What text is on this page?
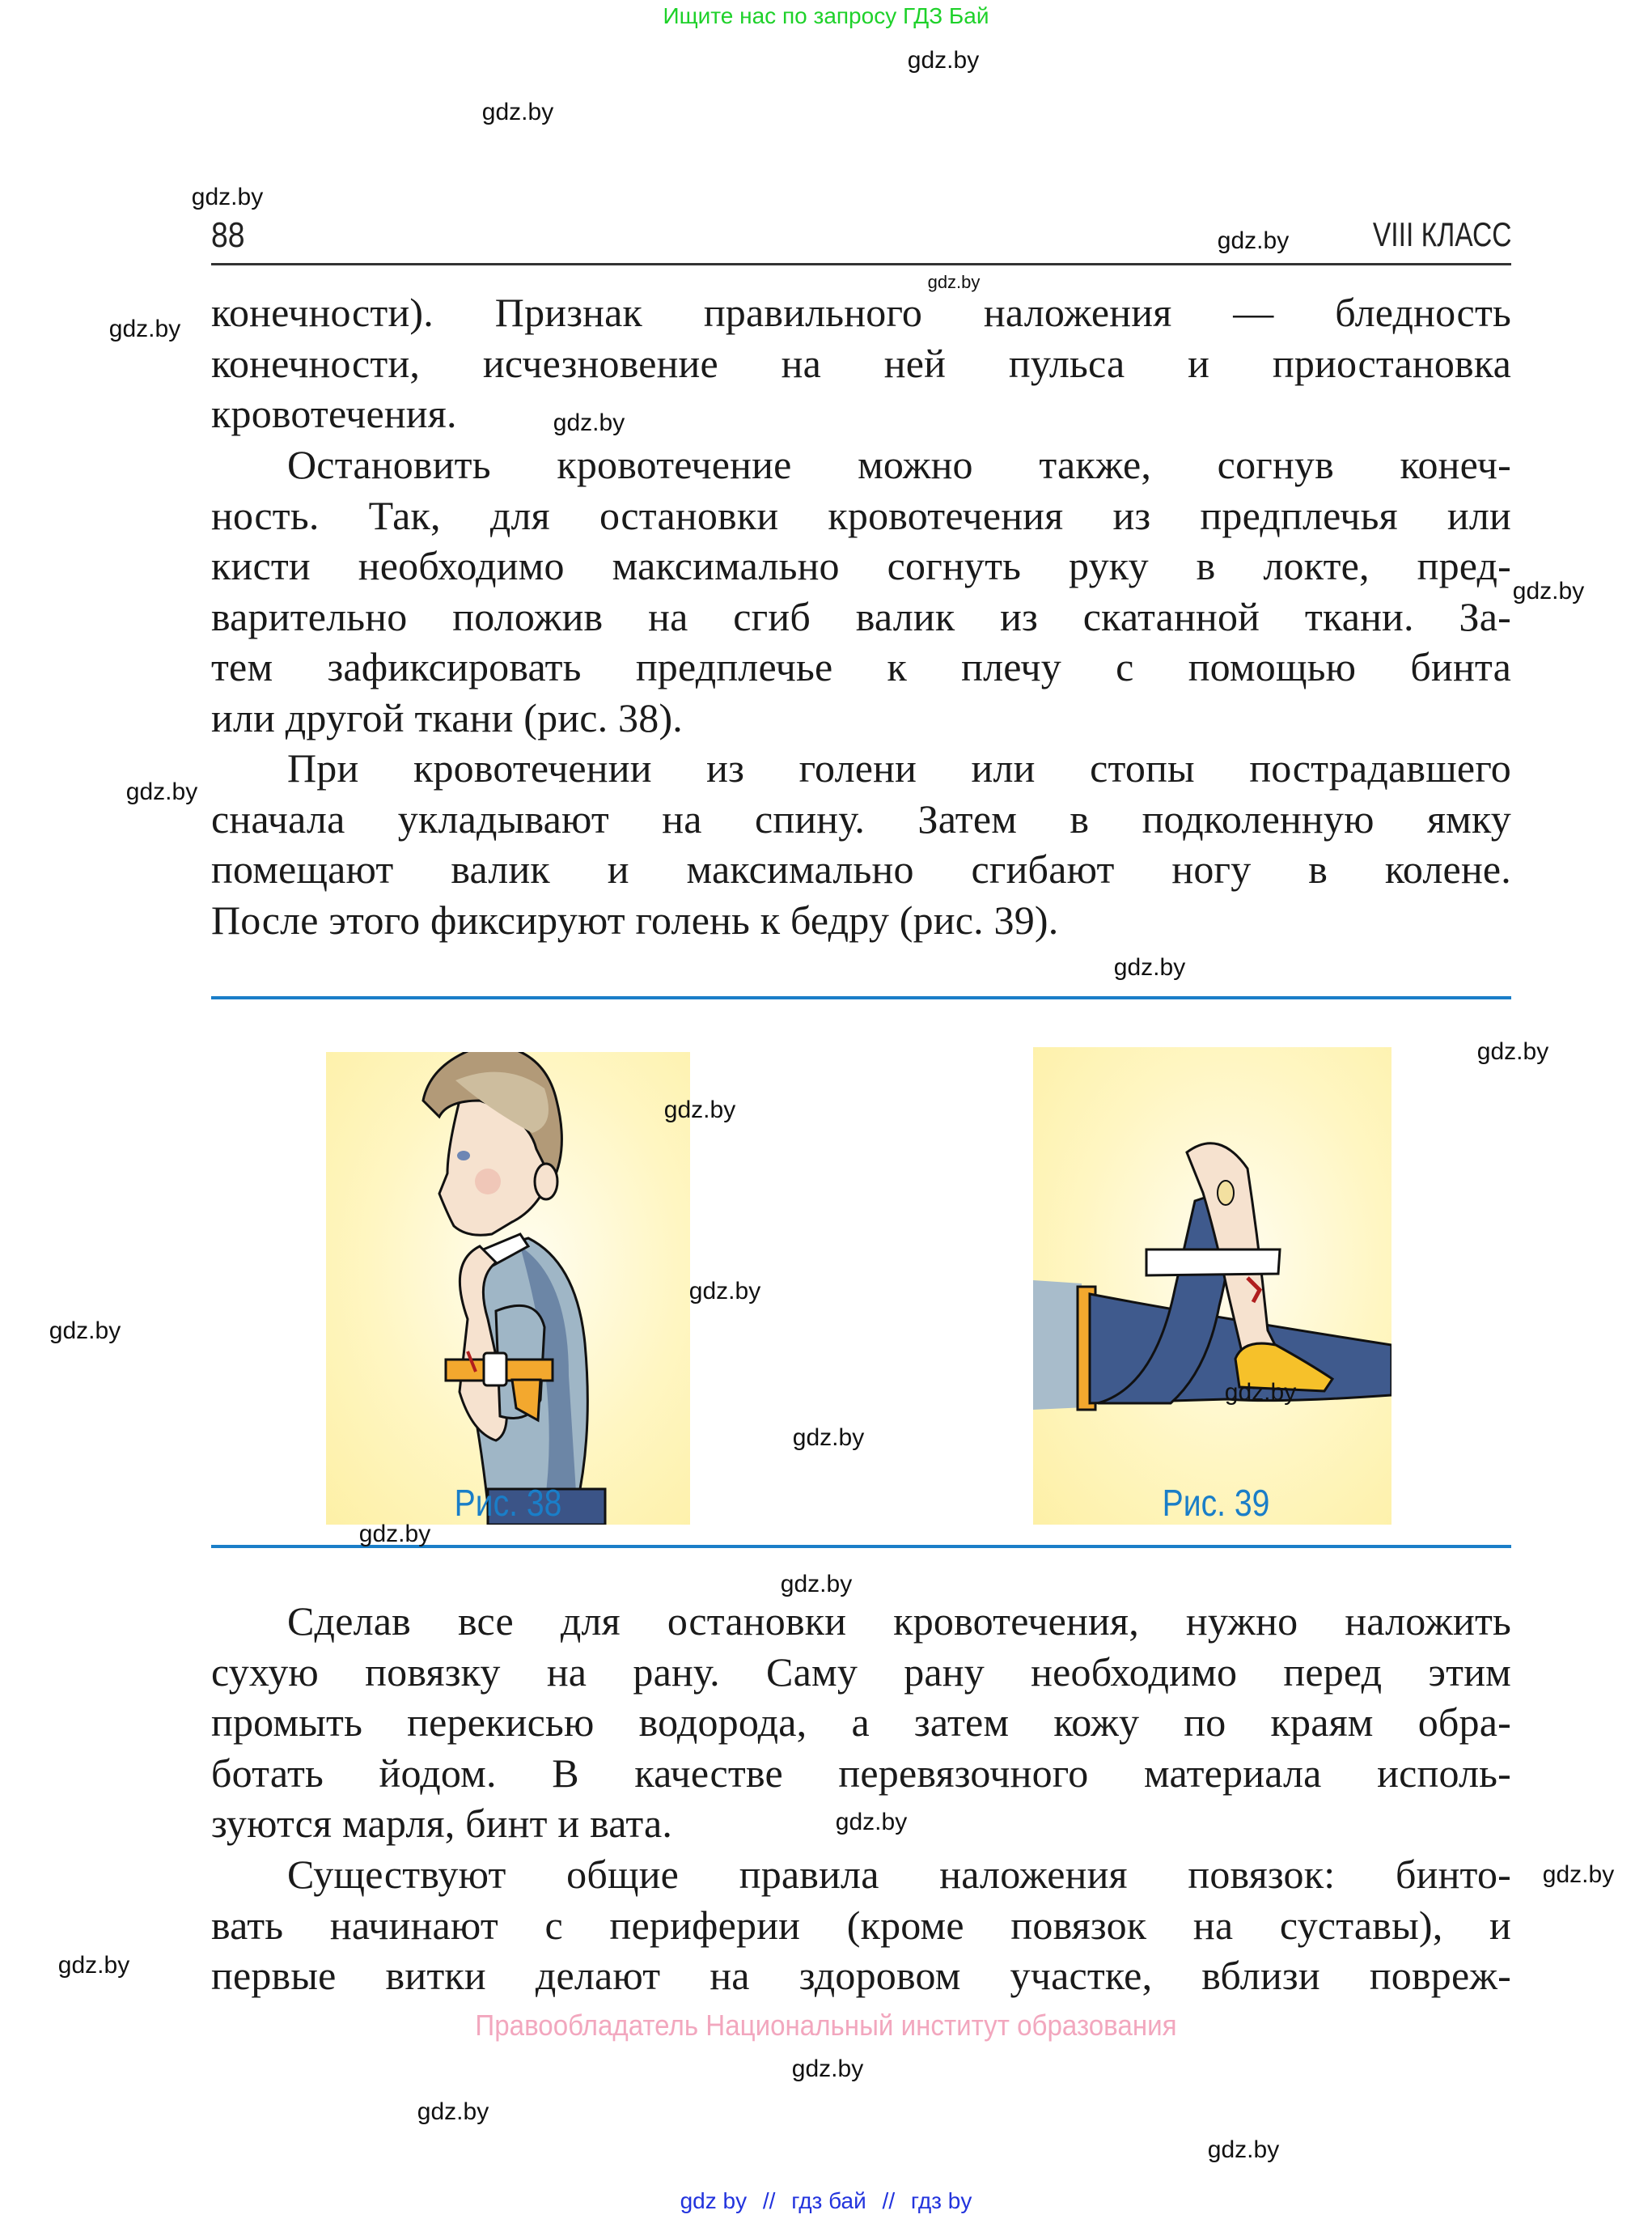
Ищите нас по запросу ГДЗ Бай
88	VIII КЛАСС
конечности). Признак правильного наложения — бледность
конечности, исчезновение на ней пульса и приостановка
кровотечения.
Остановить кровотечение можно также, согнув конеч-
ность. Так, для остановки кровотечения из предплечья или
кисти необходимо максимально согнуть руку в локте, пред-
варительно положив на сгиб валик из скатанной ткани. За-
тем зафиксировать предплечье к плечу с помощью бинта
или другой ткани (рис. 38).
При кровотечении из голени или стопы пострадавшего
сначала укладывают на спину. Затем в подколенную ямку
помещают валик и максимально сгибают ногу в колене.
После этого фиксируют голень к бедру (рис. 39).
Рис. 38	Рис. 39
Сделав все для остановки кровотечения, нужно наложить
сухую повязку на рану. Саму рану необходимо перед этим
промыть перекисью водорода, а затем кожу по краям обра-
ботать йодом. В качестве перевязочного материала исполь-
зуются марля, бинт и вата.
Существуют общие правила наложения повязок: бинто-
вать начинают с периферии (кроме повязок на суставы), и
первые витки делают на здоровом участке, вблизи повреж-
Правообладатель Национальный институт образования
gdz.by
gdz.by
gdz.by
gdz.by
gdz.by
gdz.by
gdz.by
gdz.by
gdz.by
gdz.by
gdz.by
gdz.by
gdz.by
gdz.by
gdz.by
gdz.by
gdz.by
gdz.by
gdz.by
gdz.by
gdz.by
gdz.by
gdz.by
gdz.by
gdz by // гдз бай // гдз by
